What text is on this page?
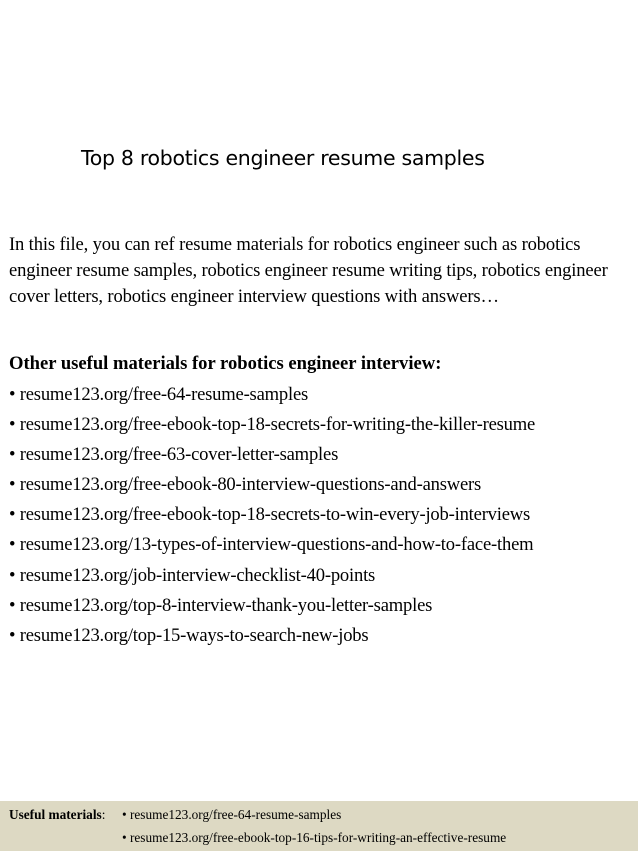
Top 8 robotics engineer resume samples

In this file, you can ref resume materials for robotics engineer such as robotics engineer resume samples, robotics engineer resume writing tips, robotics engineer cover letters, robotics engineer interview questions with answers…

Other useful materials for robotics engineer interview:
• resume123.org/free-64-resume-samples
• resume123.org/free-ebook-top-18-secrets-for-writing-the-killer-resume
• resume123.org/free-63-cover-letter-samples
• resume123.org/free-ebook-80-interview-questions-and-answers
• resume123.org/free-ebook-top-18-secrets-to-win-every-job-interviews
• resume123.org/13-types-of-interview-questions-and-how-to-face-them
• resume123.org/job-interview-checklist-40-points
• resume123.org/top-8-interview-thank-you-letter-samples
• resume123.org/top-15-ways-to-search-new-jobs
Useful materials: • resume123.org/free-64-resume-samples
• resume123.org/free-ebook-top-16-tips-for-writing-an-effective-resume
